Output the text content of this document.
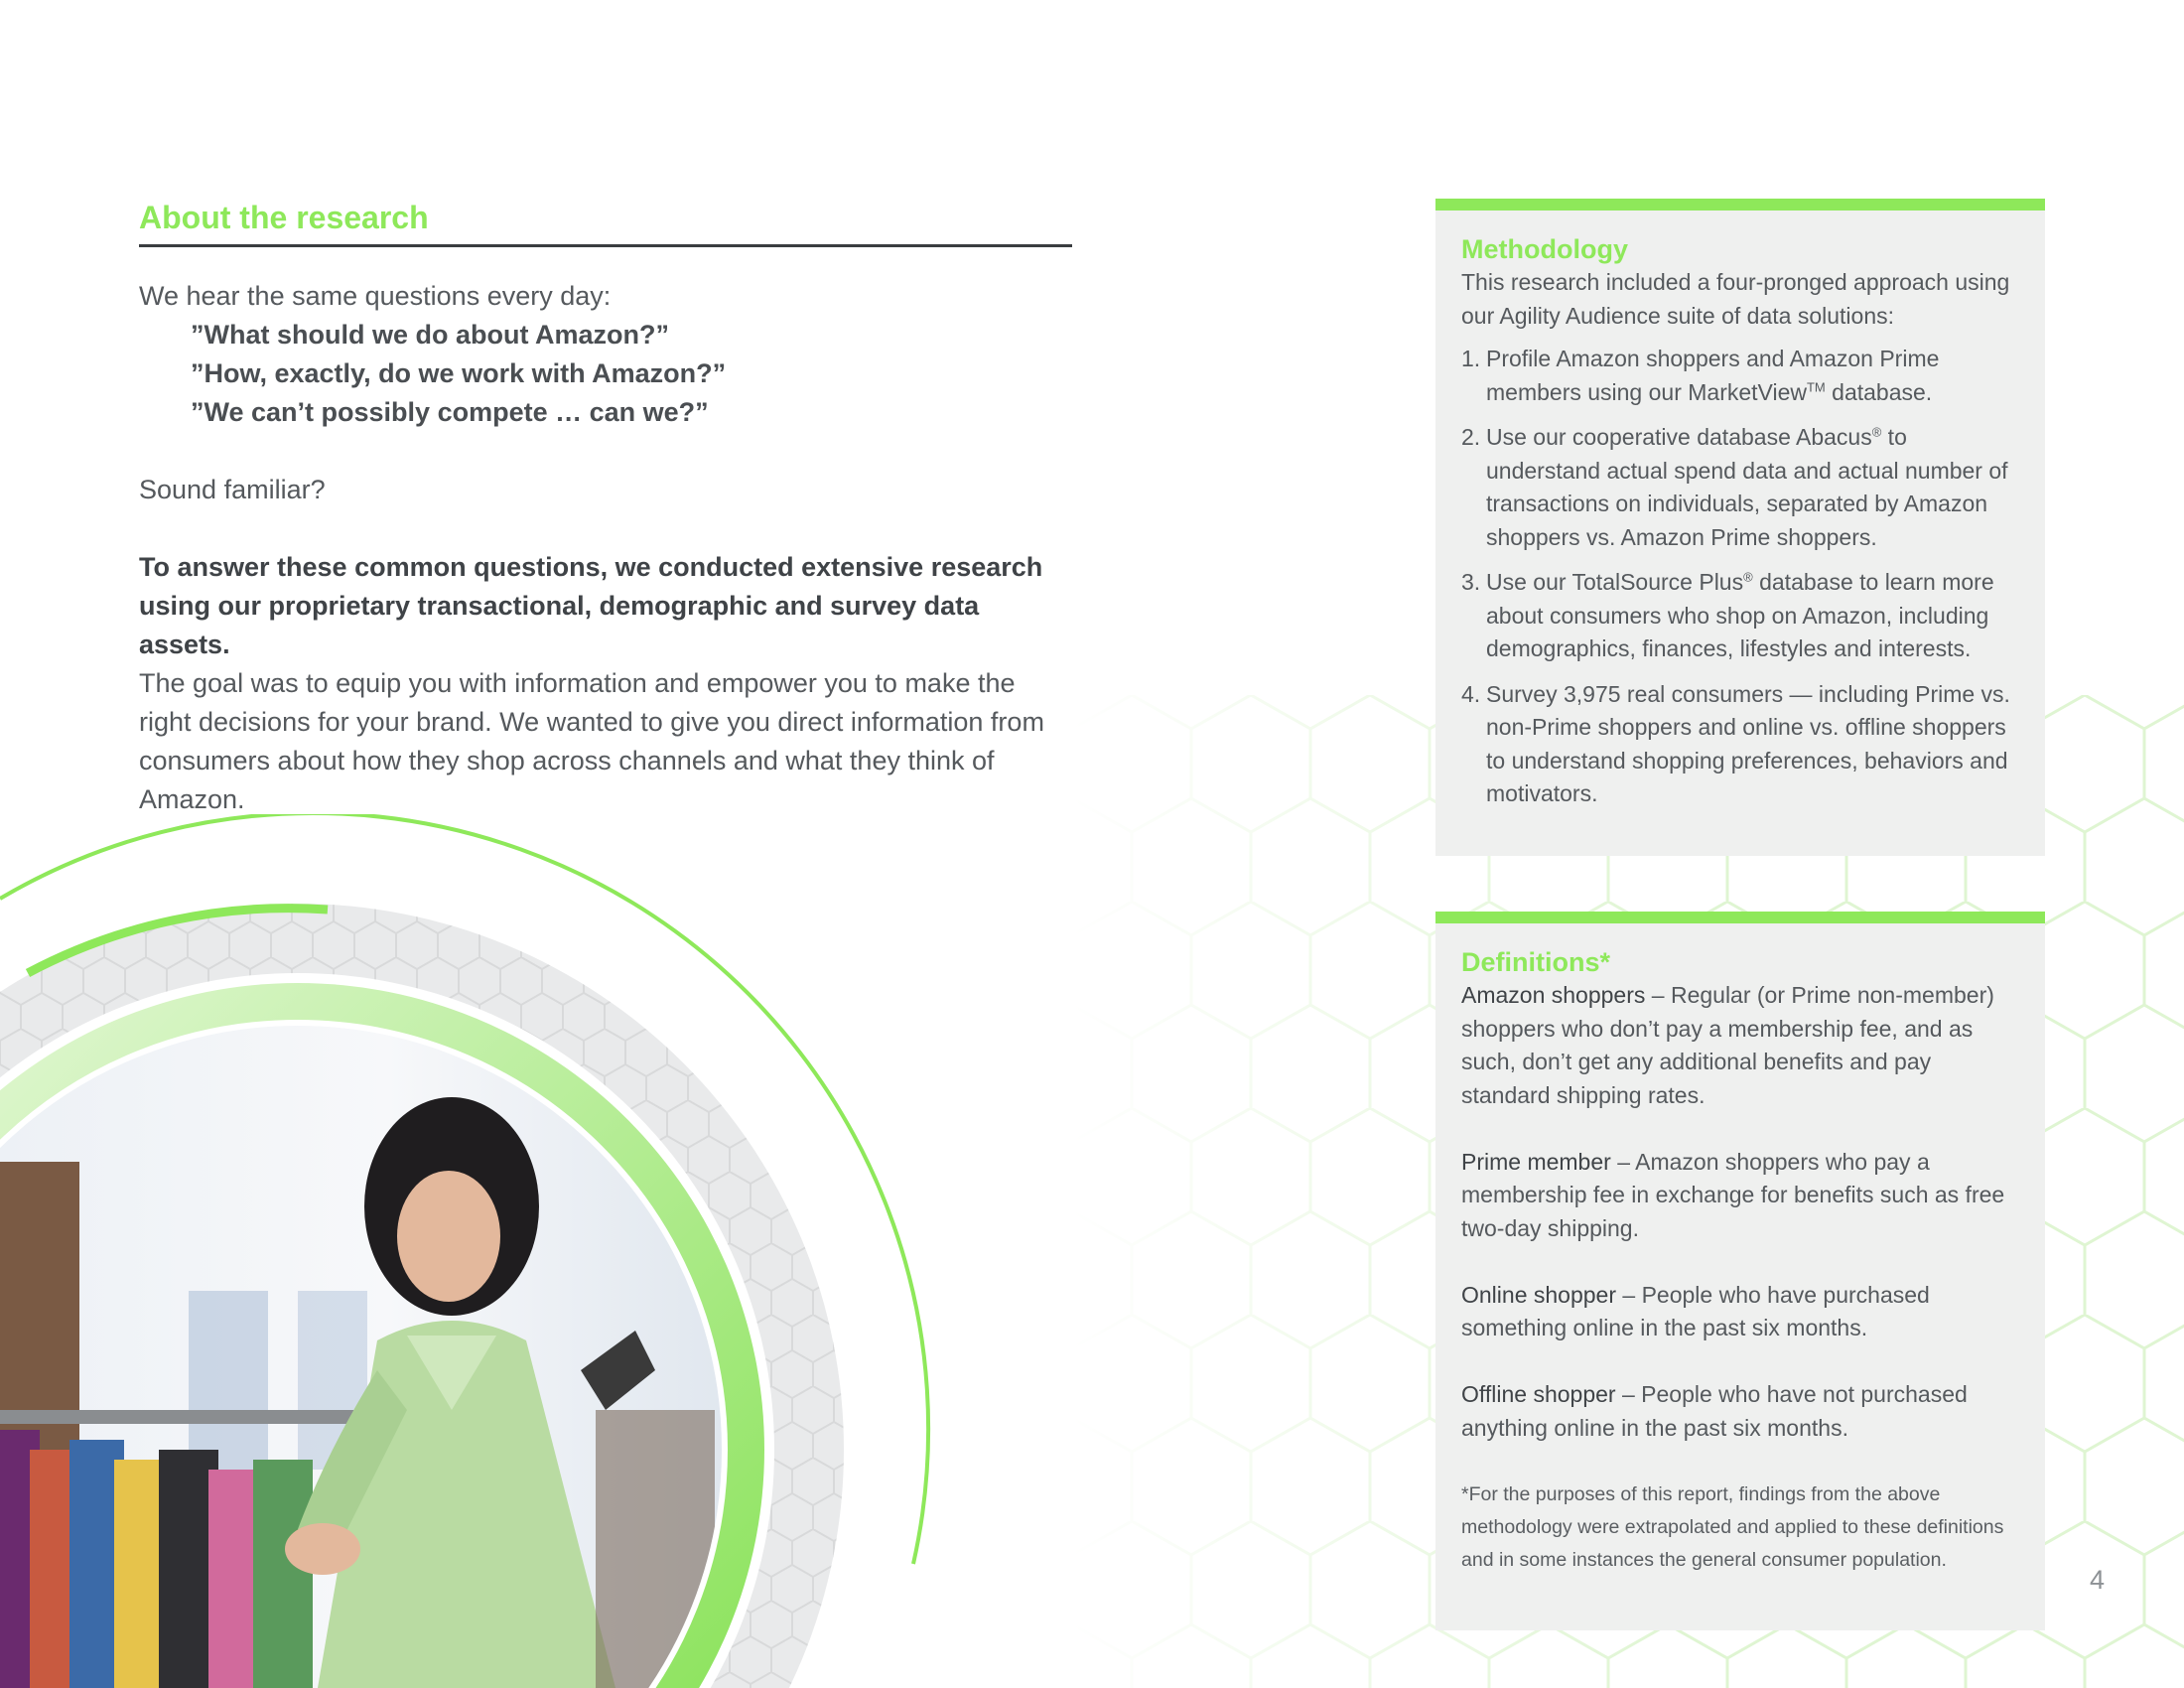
About the research

We hear the same questions every day:

”What should we do about Amazon?”

”How, exactly, do we work with Amazon?”

”We can’t possibly compete … can we?”

Sound familiar?

To answer these common questions, we conducted extensive research using our proprietary transactional, demographic and survey data assets.

The goal was to equip you with information and empower you to make the right decisions for your brand. We wanted to give you direct information from consumers about how they shop across channels and what they think of Amazon.

Methodology

This research included a four-pronged approach using our Agility Audience suite of data solutions:

1. Profile Amazon shoppers and Amazon Prime members using our MarketView™ database.
2. Use our cooperative database Abacus® to understand actual spend data and actual number of transactions on individuals, separated by Amazon shoppers vs. Amazon Prime shoppers.
3. Use our TotalSource Plus® database to learn more about consumers who shop on Amazon, including demographics, finances, lifestyles and interests.
4. Survey 3,975 real consumers — including Prime vs. non-Prime shoppers and online vs. offline shoppers to understand shopping preferences, behaviors and motivators.
Definitions*

Amazon shoppers – Regular (or Prime non-member) shoppers who don’t pay a membership fee, and as such, don’t get any additional benefits and pay standard shipping rates.

Prime member – Amazon shoppers who pay a membership fee in exchange for benefits such as free two-day shipping.

Online shopper – People who have purchased something online in the past six months.

Offline shopper – People who have not purchased anything online in the past six months.

*For the purposes of this report, findings from the above methodology were extrapolated and applied to these definitions and in some instances the general consumer population.

4
